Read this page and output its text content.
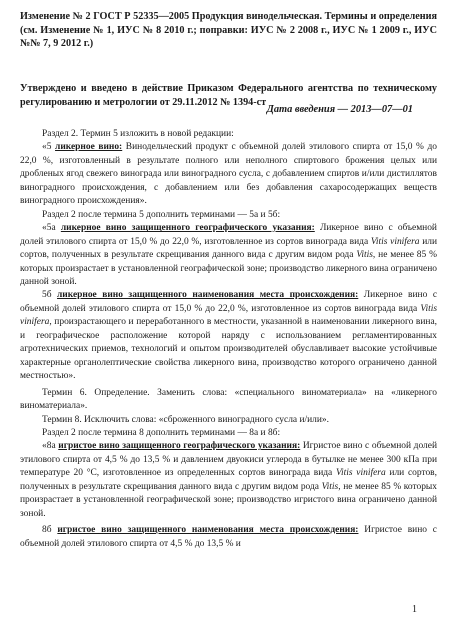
Изменение № 2 ГОСТ Р 52335—2005 Продукция винодельческая. Термины и определения (см. Изменение № 1, ИУС № 8 2010 г.; поправки: ИУС № 2 2008 г., ИУС № 1 2009 г., ИУС №№ 7, 9 2012 г.)
Утверждено и введено в действие Приказом Федерального агентства по техническому регулированию и метрологии от 29.11.2012 № 1394-ст
Дата введения — 2013—07—01

Раздел 2. Термин 5 изложить в новой редакции:

«5 ликерное вино: Винодельческий продукт с объемной долей этилового спирта от 15,0 % до 22,0 %, изготовленный в результате полного или неполного спиртового брожения целых или дробленых ягод свежего винограда или виноградного сусла, с добавлением спиртов и/или дистиллятов виноградного происхождения, с добавлением или без добавления сахаросодержащих веществ виноградного происхождения».

Раздел 2 после термина 5 дополнить терминами — 5а и 5б:

«5а ликерное вино защищенного географического указания: Ликерное вино с объемной долей этилового спирта от 15,0 % до 22,0 %, изготовленное из сортов винограда вида Vitis vinifera или сортов, полученных в результате скрещивания данного вида с другим видом рода Vitis, не менее 85 % которых произрастает в установленной географической зоне; производство ликерного вина ограничено данной зоной.

5б ликерное вино защищенного наименования места происхождения: Ликерное вино с объемной долей этилового спирта от 15,0 % до 22,0 %, изготовленное из сортов винограда вида Vitis vinifera, произрастающего и переработанного в местности, указанной в наименовании ликерного вина, и географическое расположение которой наряду с использованием регламентированных агротехнических приемов, технологий и опытом производителей обуславливает высокие устойчивые характерные органолептические свойства ликерного вина, производство которого ограничено данной местностью».

Термин 6. Определение. Заменить слова: «специального виноматериала» на «ликерного виноматериала».

Термин 8. Исключить слова: «сброженного виноградного сусла и/или».

Раздел 2 после термина 8 дополнить терминами — 8а и 8б:

«8а игристое вино защищенного географического указания: Игристое вино с объемной долей этилового спирта от 4,5 % до 13,5 % и давлением двуокиси углерода в бутылке не менее 300 кПа при температуре 20 °С, изготовленное из определенных сортов винограда вида Vitis vinifera или сортов, полученных в результате скрещивания данного вида с другим видом рода Vitis, не менее 85 % которых произрастает в установленной географической зоне; производство игристого вина ограничено данной зоной.

8б игристое вино защищенного наименования места происхождения: Игристое вино с объемной долей этилового спирта от 4,5 % до 13,5 % и

1
